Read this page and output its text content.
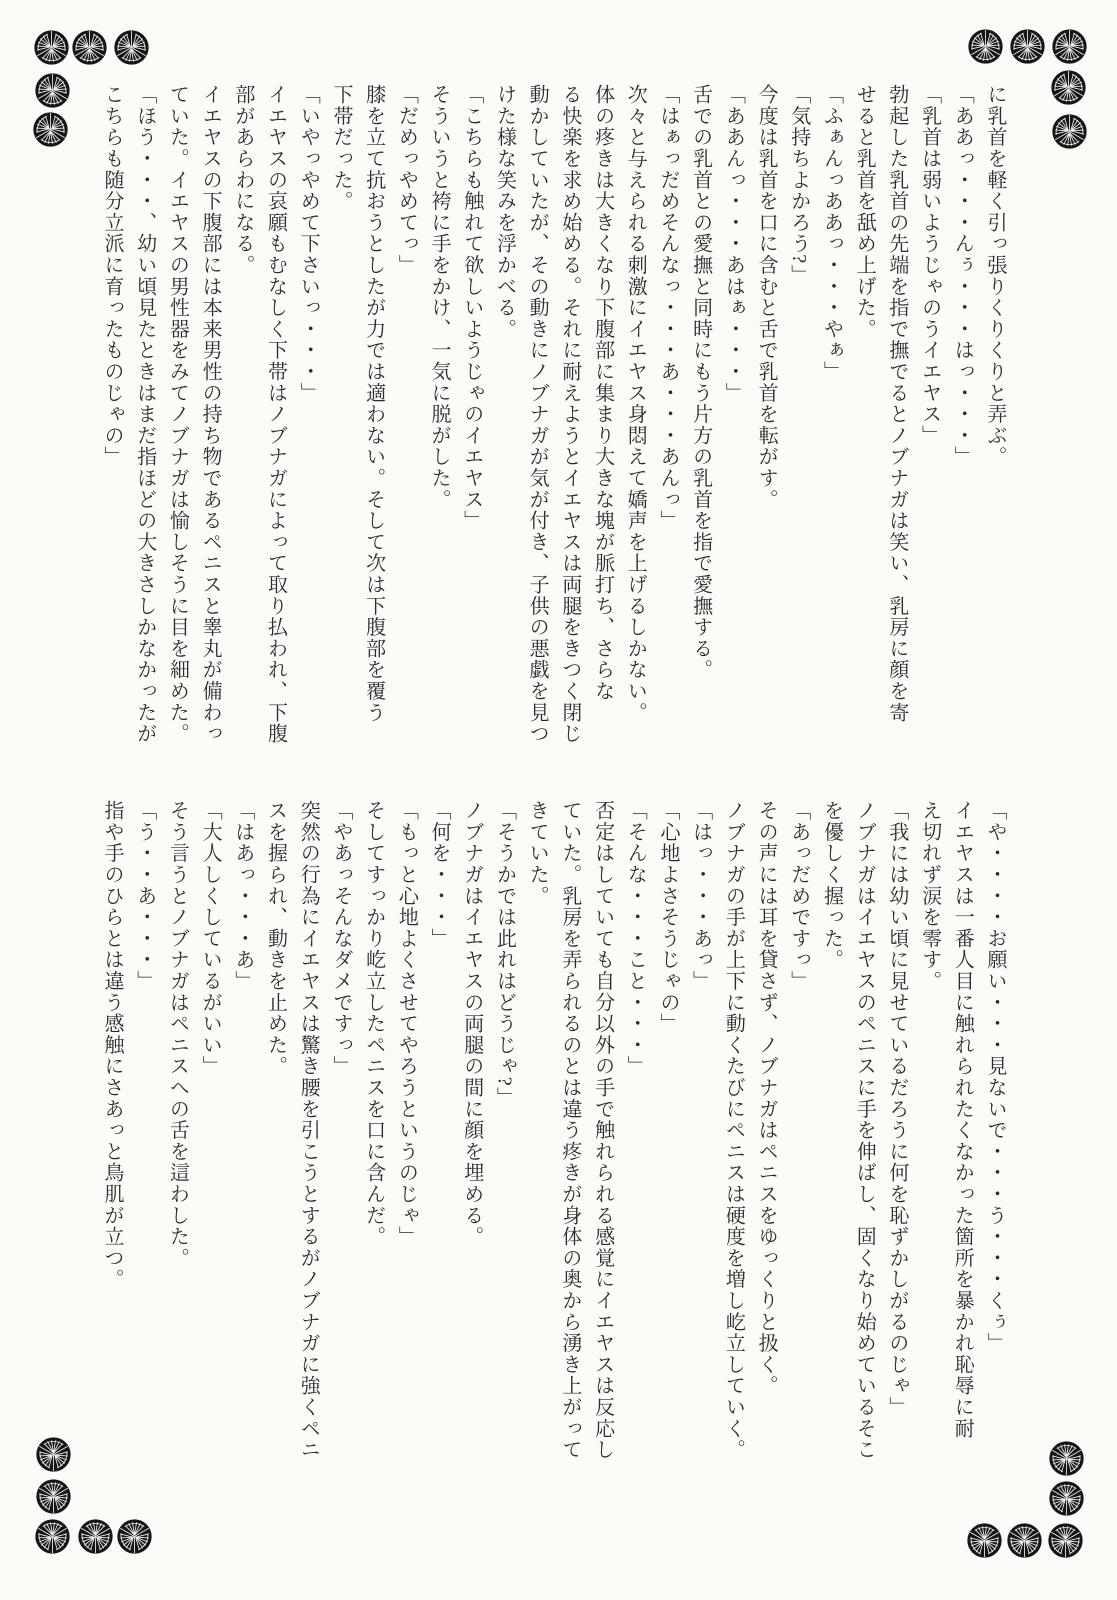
に乳首を軽く引っ張りくりくりと弄ぶ。
「ああっ・・・んぅ・・・はっ・・・」
「乳首は弱いようじゃのうイエヤス」
勃起した乳首の先端を指で撫でるとノブナガは笑い、乳房に顔を寄
せると乳首を舐め上げた。
「ふぁんっああっ・・・やぁ」
「気持ちよかろう?」
今度は乳首を口に含むと舌で乳首を転がす。
「ああんっ・・・あはぁ・・・」
舌での乳首との愛撫と同時にもう片方の乳首を指で愛撫する。
「はぁっだめそんなっ・・・あ・・・あんっ」
次々と与えられる刺激にイエヤス身悶えて嬌声を上げるしかない。
体の疼きは大きくなり下腹部に集まり大きな塊が脈打ち、さらな
る快楽を求め始める。それに耐えようとイエヤスは両腿をきつく閉じ
動かしていたが、その動きにノブナガが気が付き、子供の悪戯を見つ
けた様な笑みを浮かべる。
「こちらも触れて欲しいようじゃのイエヤス」
そういうと袴に手をかけ、一気に脱がした。
「だめっやめてっ」
膝を立て抗おうとしたが力では適わない。そして次は下腹部を覆う
下帯だった。
「いやっやめて下さいっ・・・」
イエヤスの哀願もむなしく下帯はノブナガによって取り払われ、下腹
部があらわになる。
イエヤスの下腹部には本来男性の持ち物であるペニスと睾丸が備わっ
ていた。イエヤスの男性器をみてノブナガは愉しそうに目を細めた。
「ほう・・・、幼い頃見たときはまだ指ほどの大きさしかなかったが
こちらも随分立派に育ったものじゃの」
「や・・・・お願い・・・見ないで・・・う・・・くぅ」
イエヤスは一番人目に触れられたくなかった箇所を暴かれ恥辱に耐
え切れず涙を零す。
「我には幼い頃に見せているだろうに何を恥ずかしがるのじゃ」
ノブナガはイエヤスのペニスに手を伸ばし、固くなり始めているそこ
を優しく握った。
「あっだめですっ」
その声には耳を貸さず、ノブナガはペニスをゆっくりと扱く。
ノブナガの手が上下に動くたびにペニスは硬度を増し屹立していく。
「はっ・・・あっ」
「心地よさそうじゃの」
「そんな・・・こと・・・」
否定はしていても自分以外の手で触れられる感覚にイエヤスは反応し
ていた。乳房を弄られるのとは違う疼きが身体の奥から湧き上がって
きていた。
「そうかでは此れはどうじゃ?」
ノブナガはイエヤスの両腿の間に顔を埋める。
「何を・・・」
「もっと心地よくさせてやろうというのじゃ」
そしてすっかり屹立したペニスを口に含んだ。
「やあっそんなダメですっ」
突然の行為にイエヤスは驚き腰を引こうとするがノブナガに強くペニ
スを握られ、動きを止めた。
「はあっ・・・あ」
「大人しくしているがいい」
そう言うとノブナガはペニスへの舌を這わした。
「う・・あ・・・」
指や手のひらとは違う感触にさあっと鳥肌が立つ。
